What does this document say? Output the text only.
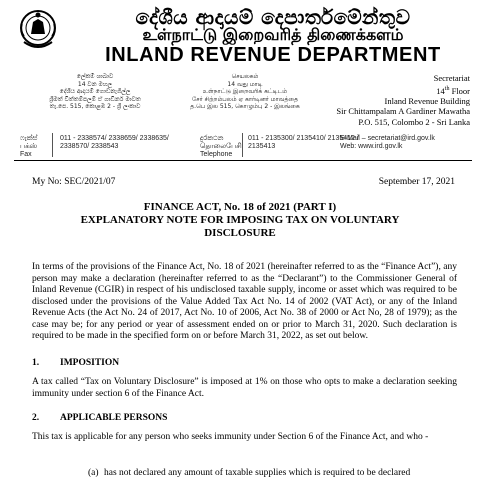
දේශීය ආදායම් දෙපාර්තමේන්තුව
உள்நாட்டு இறைவரித் திணைக்களம்
INLAND REVENUE DEPARTMENT
ලේකම් ශාඛාව
14 වන මහල
දේශීය ආදායම් ගොඩනැගිල්ල
ශ්‍රීමත් චිත්තම්පලම් ඒ ගාඩිනර් මාවත
තැ.පෙ. 515, කොළඹ 2 - ශ්‍රී ලංකාව
செயலகம்
14 வது மாடி
உள்நாட்டு இறைவரிக் கட்டிடம்
சேர் சிற்றம்பலம் ஏ கார்டினர் மாவத்தை
த.பெ இல 515, கொழும்பு 2 - இலங்கை
Secretariat
14th Floor
Inland Revenue Building
Sir Chittampalam A Gardiner Mawatha
P.O. 515, Colombo 2 - Sri Lanka
ෆැක්ස්
பக்ஸ்
Fax
011 - 2338574/ 2338659/ 2338635/
2338570/ 2338543
දුරකථන
தொலைபேசி
Telephone
011 - 2135300/ 2135410/ 2135412 /
2135413
E-Mail – secretariat@ird.gov.lk
Web: www.ird.gov.lk
My No: SEC/2021/07	September 17, 2021
FINANCE ACT, No. 18 of 2021 (PART I)
EXPLANATORY NOTE FOR IMPOSING TAX ON VOLUNTARY
DISCLOSURE
In terms of the provisions of the Finance Act, No. 18 of 2021 (hereinafter referred to as the “Finance Act”), any person may make a declaration (hereinafter referred to as the “Declarant”) to the Commissioner General of Inland Revenue (CGIR) in respect of his undisclosed taxable supply, income or asset which was required to be disclosed under the provisions of the Value Added Tax Act No. 14 of 2002 (VAT Act), or any of the Inland Revenue Acts (the Act No. 24 of 2017, Act No. 10 of 2006, Act No. 38 of 2000 or Act No, 28 of 1979); as the case may be; for any period or year of assessment ended on or prior to March 31, 2020. Such declaration is required to be made in the specified form on or before March 31, 2022, as set out below.
1. IMPOSITION
A tax called “Tax on Voluntary Disclosure” is imposed at 1% on those who opts to make a declaration seeking immunity under section 6 of the Finance Act.
2. APPLICABLE PERSONS
This tax is applicable for any person who seeks immunity under Section 6 of the Finance Act, and who -
(a) has not declared any amount of taxable supplies which is required to be declared
